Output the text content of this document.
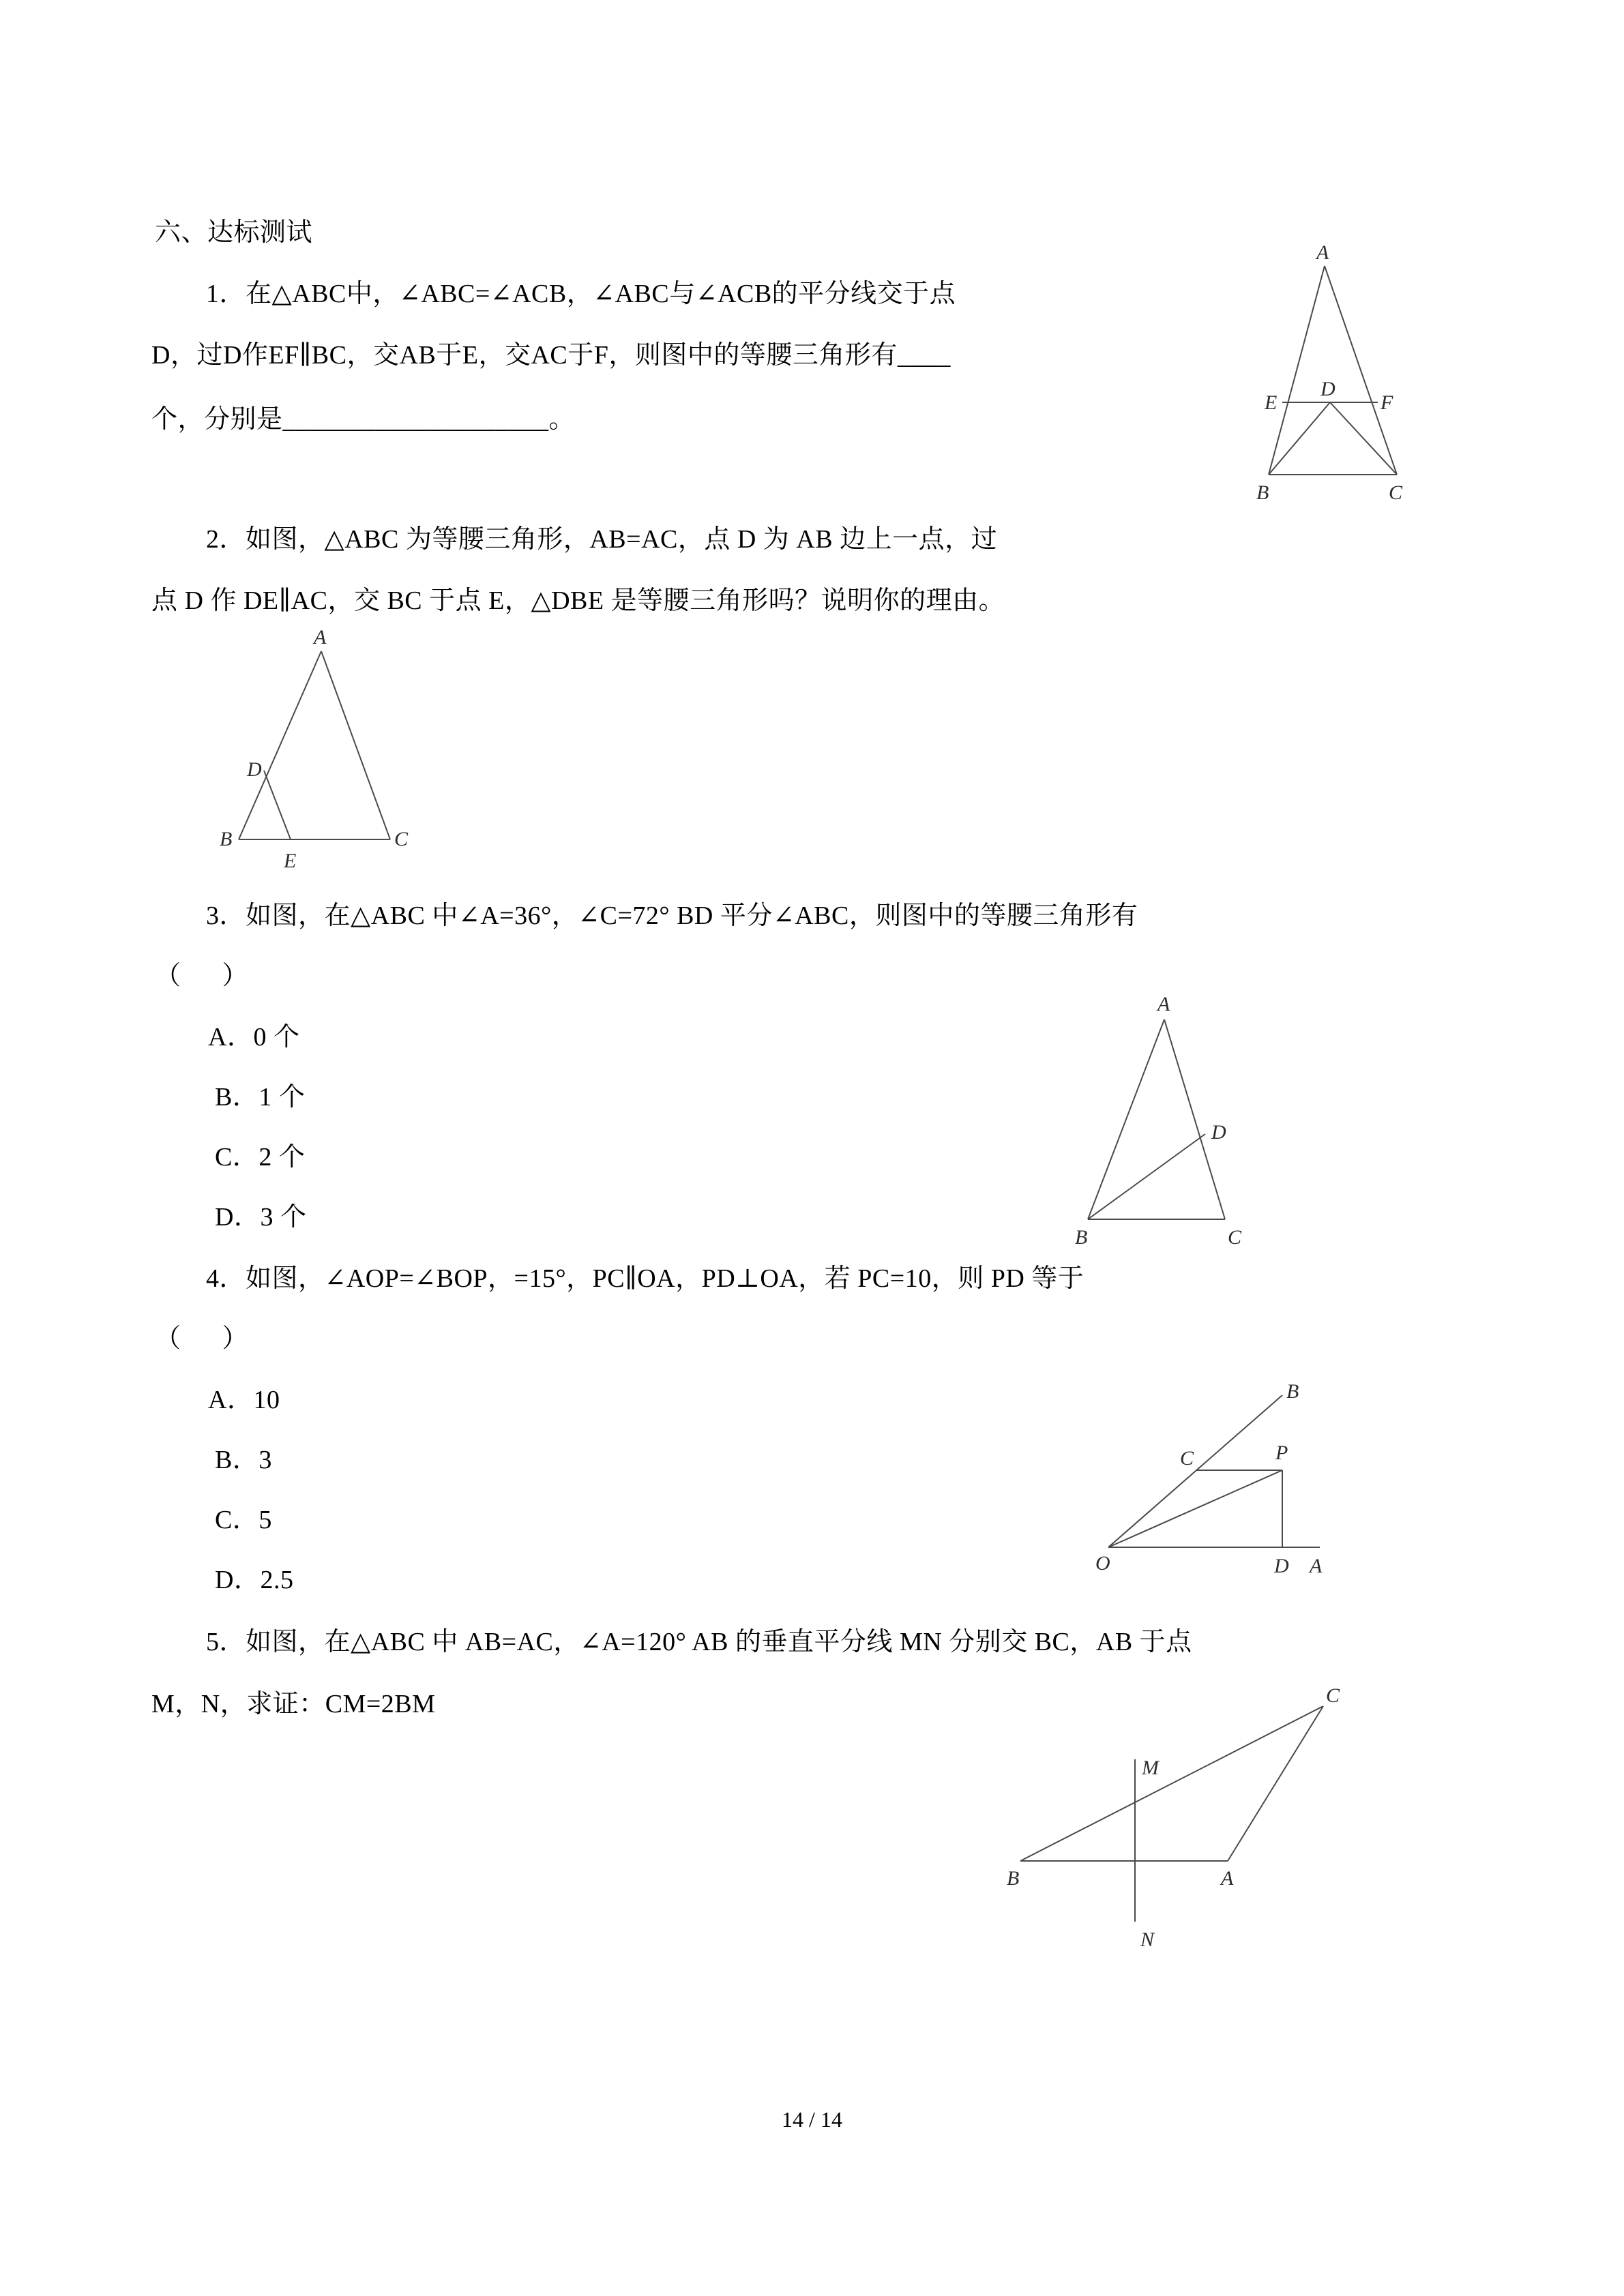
六、达标测试
1．在△ABC中，∠ABC=∠ACB，∠ABC与∠ACB的平分线交于点
D，过D作EF∥BC，交AB于E，交AC于F，则图中的等腰三角形有____
个，分别是____________________。
A
E
D
F
B	C
2．如图，△ABC 为等腰三角形，AB=AC，点 D 为 AB 边上一点，过
点 D 作 DE∥AC，交 BC 于点 E，△DBE 是等腰三角形吗？说明你的理由。
A
D
B
E
C
3．如图，在△ABC 中∠A=36°，∠C=72° BD 平分∠ABC，则图中的等腰三角形有
（      ）
A．0 个
B．1 个
C．2 个
D．3 个
A
D
B	C
4．如图，∠AOP=∠BOP，=15°，PC∥OA，PD⊥OA，若 PC=10，则 PD 等于
（      ）
A．10
B．3
C．5
D．2.5
B
C	P
O	D A
5．如图，在△ABC 中 AB=AC，∠A=120° AB 的垂直平分线 MN 分别交 BC，AB 于点
M，N，求证：CM=2BM
M
B	A
C
N
14 / 14
